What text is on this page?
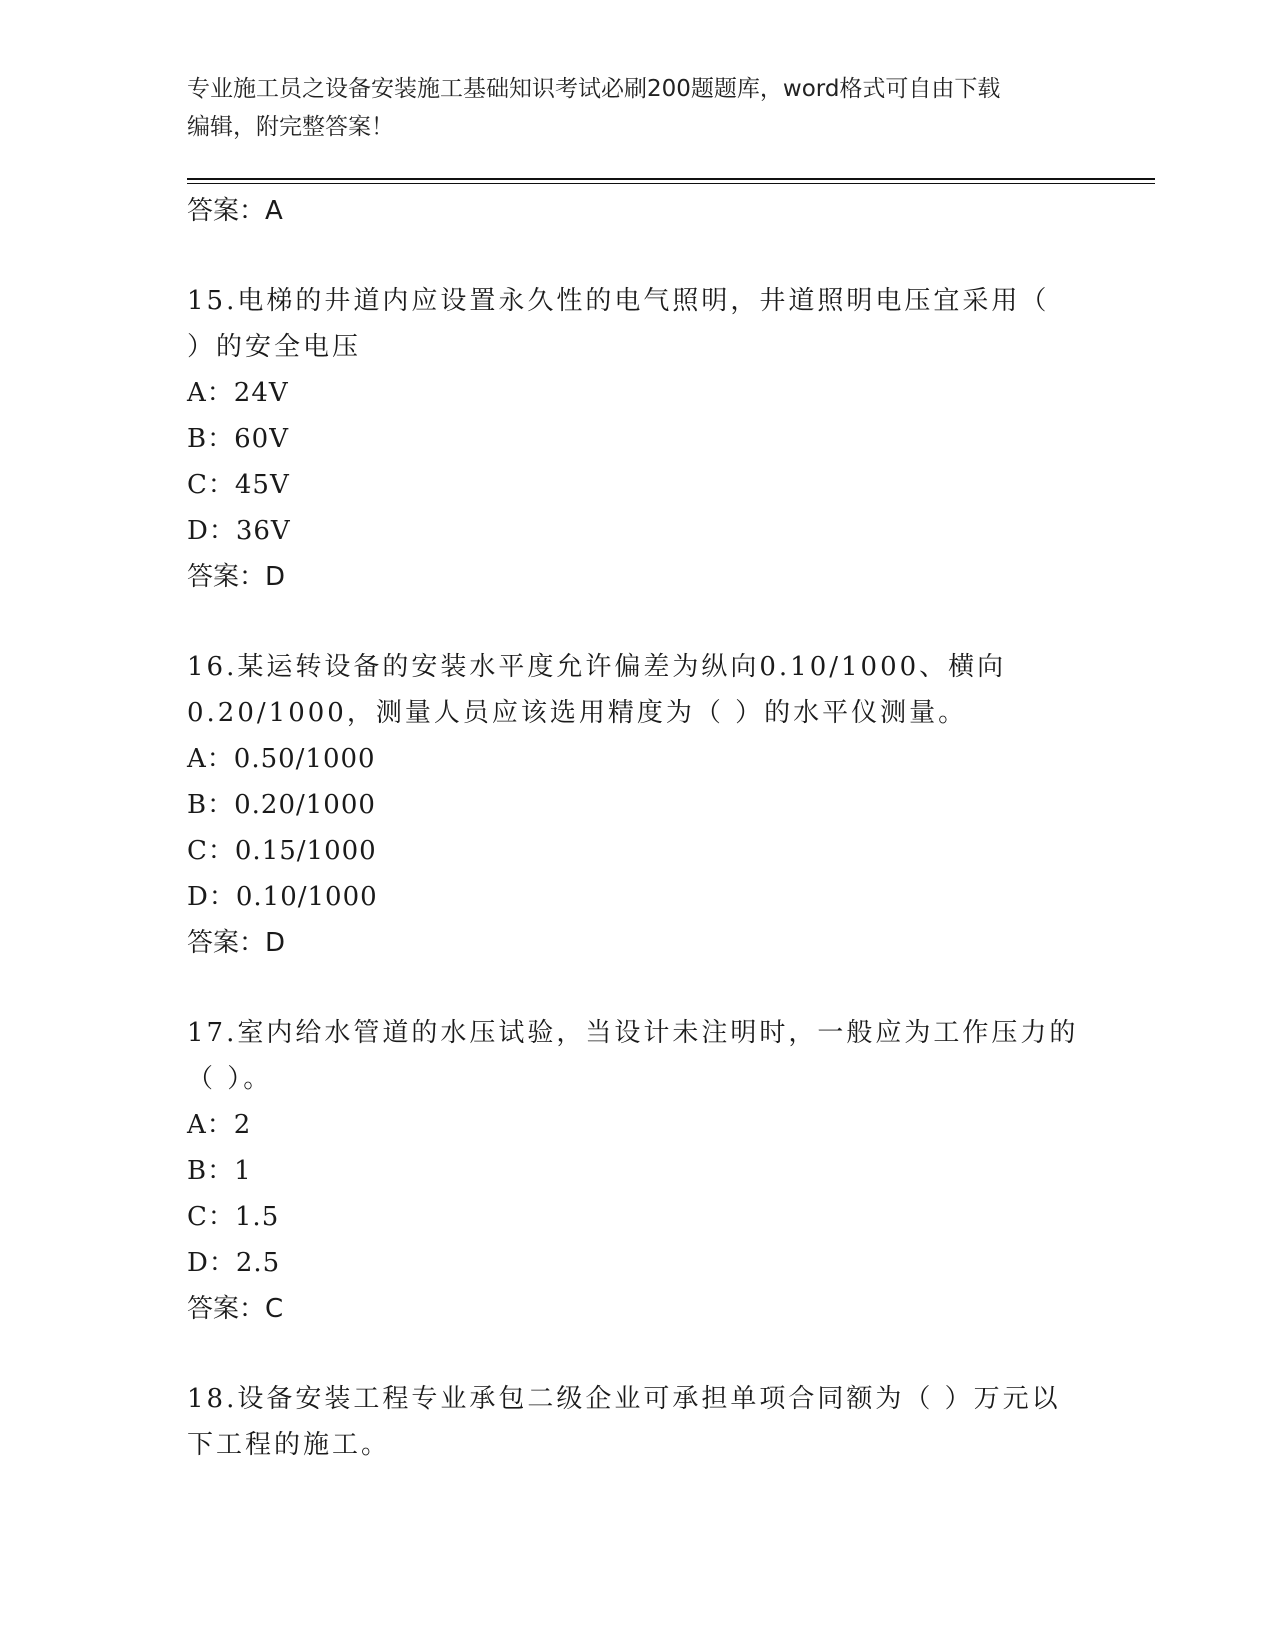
专业施工员之设备安装施工基础知识考试必刷200题题库，word格式可自由下载
编辑，附完整答案！
答案：A
15.电梯的井道内应设置永久性的电气照明，井道照明电压宜采用（
）的安全电压
A：24V
B：60V
C：45V
D：36V
答案：D
16.某运转设备的安装水平度允许偏差为纵向0.10/1000、横向
0.20/1000，测量人员应该选用精度为（ ）的水平仪测量。
A：0.50/1000
B：0.20/1000
C：0.15/1000
D：0.10/1000
答案：D
17.室内给水管道的水压试验，当设计未注明时，一般应为工作压力的
（ ）。
A：2
B：1
C：1.5
D：2.5
答案：C
18.设备安装工程专业承包二级企业可承担单项合同额为（ ）万元以
下工程的施工。
